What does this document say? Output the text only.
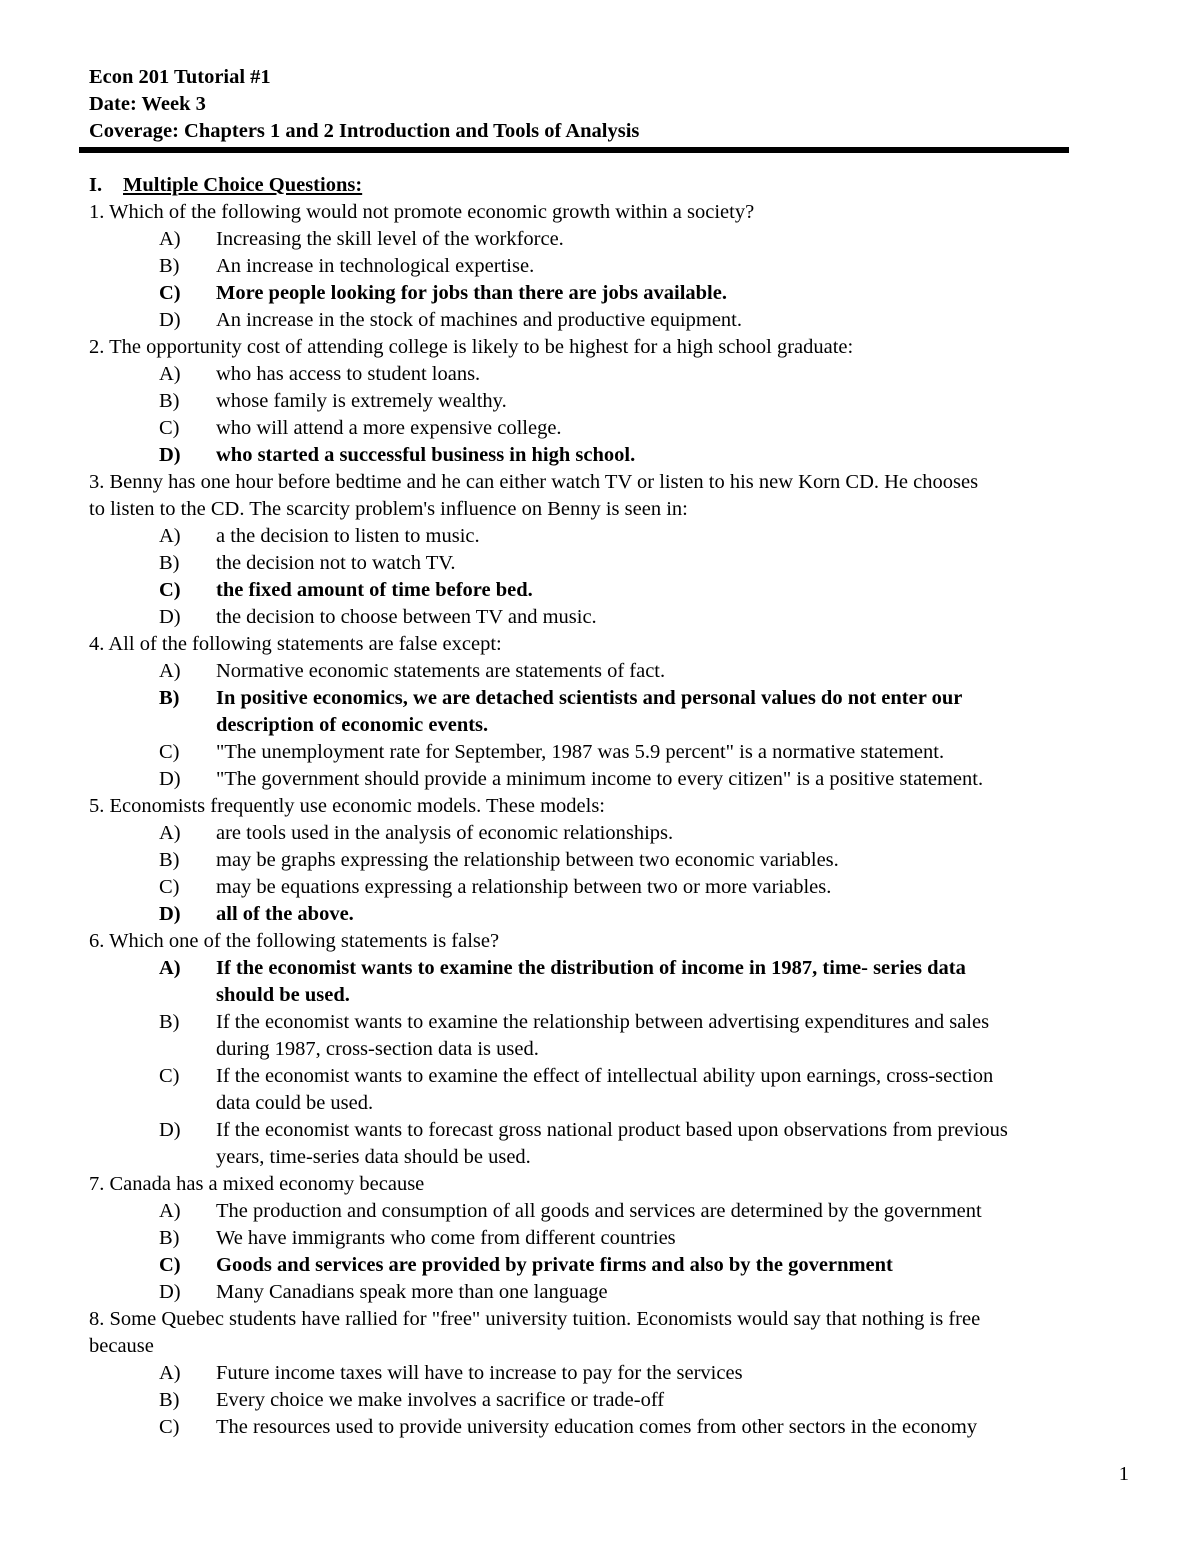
Econ 201 Tutorial #1
Date: Week 3
Coverage: Chapters 1 and 2 Introduction and Tools of Analysis
I. Multiple Choice Questions:
1. Which of the following would not promote economic growth within a society?
A) Increasing the skill level of the workforce.
B) An increase in technological expertise.
C) More people looking for jobs than there are jobs available.
D) An increase in the stock of machines and productive equipment.
2. The opportunity cost of attending college is likely to be highest for a high school graduate:
A) who has access to student loans.
B) whose family is extremely wealthy.
C) who will attend a more expensive college.
D) who started a successful business in high school.
3. Benny has one hour before bedtime and he can either watch TV or listen to his new Korn CD. He chooses
to listen to the CD. The scarcity problem's influence on Benny is seen in:
A) a the decision to listen to music.
B) the decision not to watch TV.
C) the fixed amount of time before bed.
D) the decision to choose between TV and music.
4. All of the following statements are false except:
A) Normative economic statements are statements of fact.
B) In positive economics, we are detached scientists and personal values do not enter our
description of economic events.
C) "The unemployment rate for September, 1987 was 5.9 percent" is a normative statement.
D) "The government should provide a minimum income to every citizen" is a positive statement.
5. Economists frequently use economic models. These models:
A) are tools used in the analysis of economic relationships.
B) may be graphs expressing the relationship between two economic variables.
C) may be equations expressing a relationship between two or more variables.
D) all of the above.
6. Which one of the following statements is false?
A) If the economist wants to examine the distribution of income in 1987, time- series data
should be used.
B) If the economist wants to examine the relationship between advertising expenditures and sales
during 1987, cross-section data is used.
C) If the economist wants to examine the effect of intellectual ability upon earnings, cross-section
data could be used.
D) If the economist wants to forecast gross national product based upon observations from previous
years, time-series data should be used.
7. Canada has a mixed economy because
A) The production and consumption of all goods and services are determined by the government
B) We have immigrants who come from different countries
C) Goods and services are provided by private firms and also by the government
D) Many Canadians speak more than one language
8. Some Quebec students have rallied for "free" university tuition. Economists would say that nothing is free
because
A) Future income taxes will have to increase to pay for the services
B) Every choice we make involves a sacrifice or trade-off
C) The resources used to provide university education comes from other sectors in the economy
1
